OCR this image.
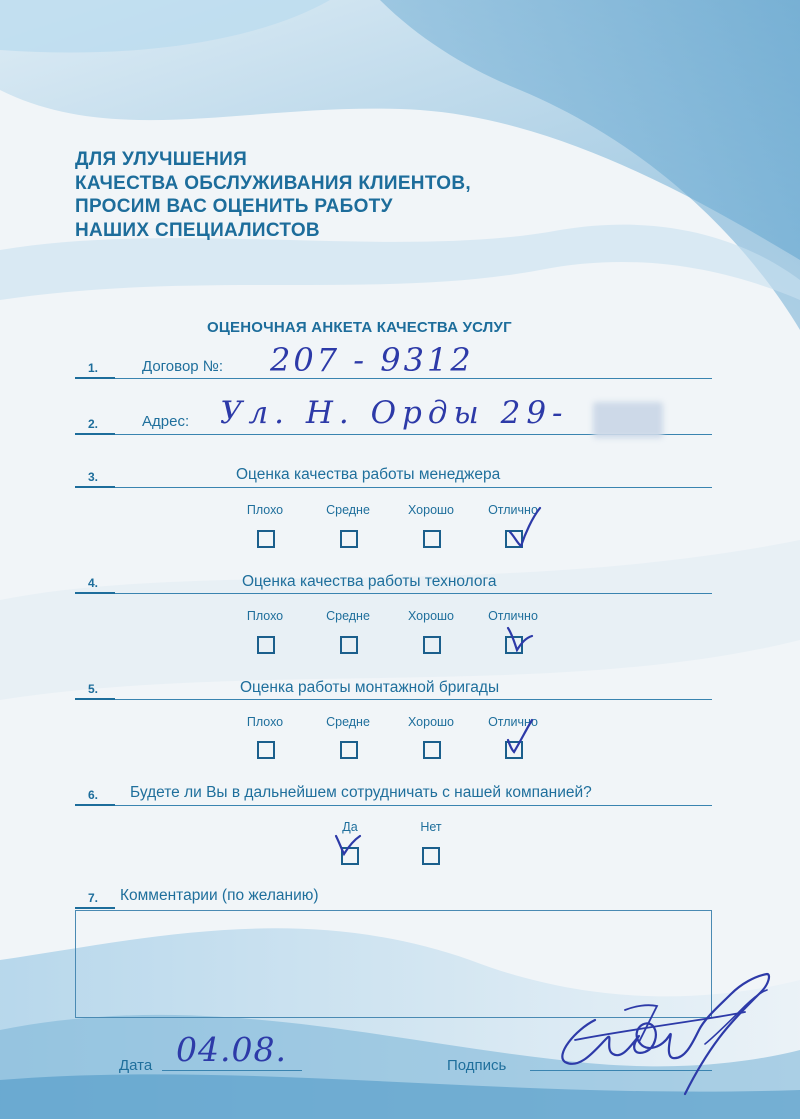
ДЛЯ УЛУЧШЕНИЯ
КАЧЕСТВА ОБСЛУЖИВАНИЯ КЛИЕНТОВ,
ПРОСИМ ВАС ОЦЕНИТЬ РАБОТУ
НАШИХ СПЕЦИАЛИСТОВ
ОЦЕНОЧНАЯ АНКЕТА КАЧЕСТВА УСЛУГ
1.	Договор №: 207 - 9312
2.	Адрес: Ул. Н. Орды 29-
3.	Оценка качества работы менеджера
Плохо	Средне	Хорошо	Отлично
4.	Оценка качества работы технолога
Плохо	Средне	Хорошо	Отлично
5.	Оценка работы монтажной бригады
Плохо	Средне	Хорошо	Отлично
6. Будете ли Вы в дальнейшем сотрудничать с нашей компанией?
Да	Нет
7. Комментарии (по желанию)
Дата 04.08.	Подпись
